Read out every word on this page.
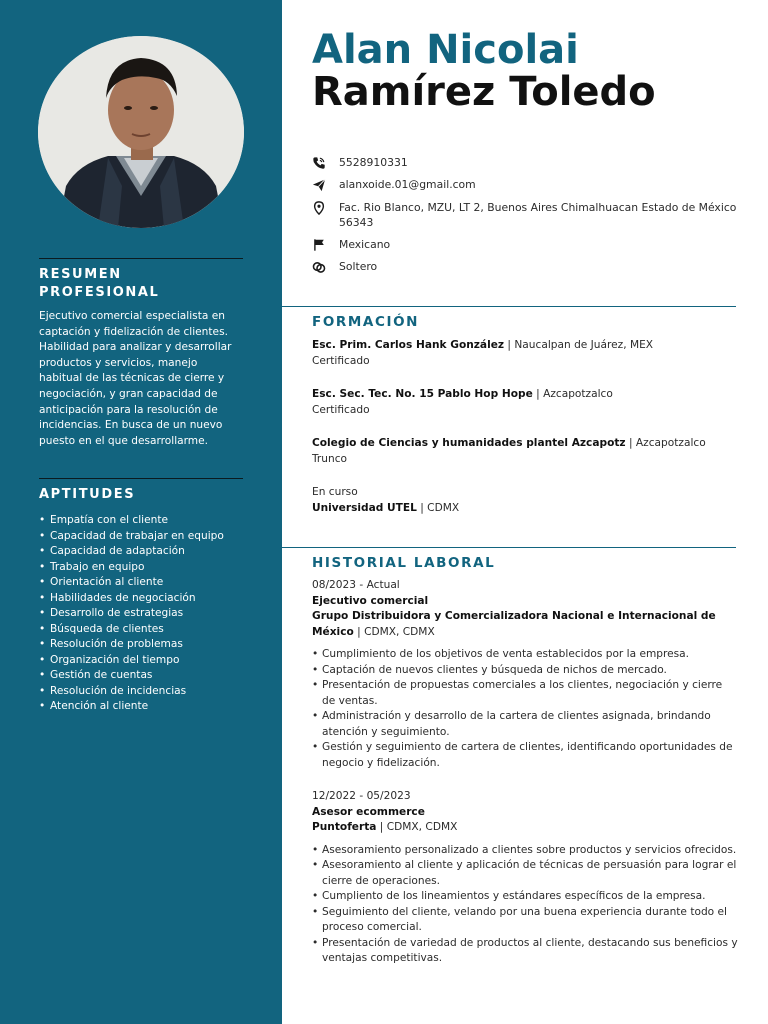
RESUMEN PROFESIONAL

Ejecutivo comercial especialista en captación y fidelización de clientes. Habilidad para analizar y desarrollar productos y servicios, manejo habitual de las técnicas de cierre y negociación, y gran capacidad de anticipación para la resolución de incidencias. En busca de un nuevo puesto en el que desarrollarme.

APTITUDES
• Empatía con el cliente
• Capacidad de trabajar en equipo
• Capacidad de adaptación
• Trabajo en equipo
• Orientación al cliente
• Habilidades de negociación
• Desarrollo de estrategias
• Búsqueda de clientes
• Resolución de problemas
• Organización del tiempo
• Gestión de cuentas
• Resolución de incidencias
• Atención al cliente
Alan Nicolai
Ramírez Toledo
5528910331
alanxoide.01@gmail.com
Fac. Rio Blanco, MZU, LT 2, Buenos Aires Chimalhuacan Estado de México 56343
Mexicano
Soltero
FORMACIÓN
Esc. Prim. Carlos Hank González | Naucalpan de Juárez, MEX
Certificado
Esc. Sec. Tec. No. 15 Pablo Hop Hope | Azcapotzalco
Certificado
Colegio de Ciencias y humanidades plantel Azcapotz | Azcapotzalco
Trunco
En curso
Universidad UTEL | CDMX
HISTORIAL LABORAL
08/2023 - Actual
Ejecutivo comercial
Grupo Distribuidora y Comercializadora Nacional e Internacional de México | CDMX, CDMX
• Cumplimiento de los objetivos de venta establecidos por la empresa.
• Captación de nuevos clientes y búsqueda de nichos de mercado.
• Presentación de propuestas comerciales a los clientes, negociación y cierre de ventas.
• Administración y desarrollo de la cartera de clientes asignada, brindando atención y seguimiento.
• Gestión y seguimiento de cartera de clientes, identificando oportunidades de negocio y fidelización.
12/2022 - 05/2023
Asesor ecommerce
Puntoferta | CDMX, CDMX
• Asesoramiento personalizado a clientes sobre productos y servicios ofrecidos.
• Asesoramiento al cliente y aplicación de técnicas de persuasión para lograr el cierre de operaciones.
• Cumpliento de los lineamientos y estándares específicos de la empresa.
• Seguimiento del cliente, velando por una buena experiencia durante todo el proceso comercial.
• Presentación de variedad de productos al cliente, destacando sus beneficios y ventajas competitivas.
